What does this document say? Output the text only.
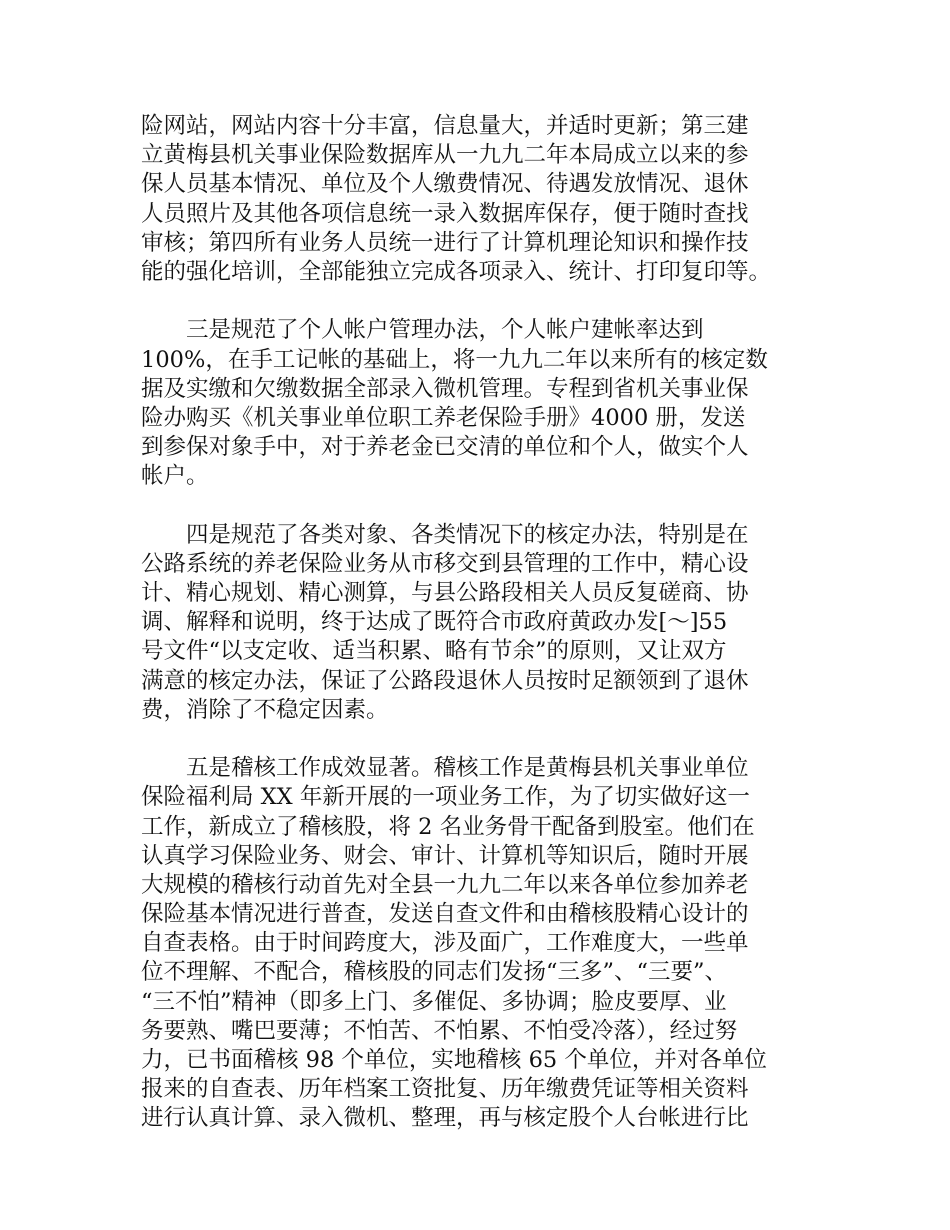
险网站，网站内容十分丰富，信息量大，并适时更新；第三建
立黄梅县机关事业保险数据库从一九九二年本局成立以来的参
保人员基本情况、单位及个人缴费情况、待遇发放情况、退休
人员照片及其他各项信息统一录入数据库保存，便于随时查找
审核；第四所有业务人员统一进行了计算机理论知识和操作技
能的强化培训，全部能独立完成各项录入、统计、打印复印等。
　　三是规范了个人帐户管理办法，个人帐户建帐率达到
100%，在手工记帐的基础上，将一九九二年以来所有的核定数
据及实缴和欠缴数据全部录入微机管理。专程到省机关事业保
险办购买《机关事业单位职工养老保险手册》4000 册，发送
到参保对象手中，对于养老金已交清的单位和个人，做实个人
帐户。
　　四是规范了各类对象、各类情况下的核定办法，特别是在
公路系统的养老保险业务从市移交到县管理的工作中，精心设
计、精心规划、精心测算，与县公路段相关人员反复磋商、协
调、解释和说明，终于达成了既符合市政府黄政办发[～]55
号文件“以支定收、适当积累、略有节余”的原则，又让双方
满意的核定办法，保证了公路段退休人员按时足额领到了退休
费，消除了不稳定因素。
　　五是稽核工作成效显著。稽核工作是黄梅县机关事业单位
保险福利局 XX 年新开展的一项业务工作，为了切实做好这一
工作，新成立了稽核股，将 2 名业务骨干配备到股室。他们在
认真学习保险业务、财会、审计、计算机等知识后，随时开展
大规模的稽核行动首先对全县一九九二年以来各单位参加养老
保险基本情况进行普查，发送自查文件和由稽核股精心设计的
自查表格。由于时间跨度大，涉及面广，工作难度大，一些单
位不理解、不配合，稽核股的同志们发扬“三多”、“三要”、
“三不怕”精神（即多上门、多催促、多协调；脸皮要厚、业
务要熟、嘴巴要薄；不怕苦、不怕累、不怕受冷落），经过努
力，已书面稽核 98 个单位，实地稽核 65 个单位，并对各单位
报来的自查表、历年档案工资批复、历年缴费凭证等相关资料
进行认真计算、录入微机、整理，再与核定股个人台帐进行比
